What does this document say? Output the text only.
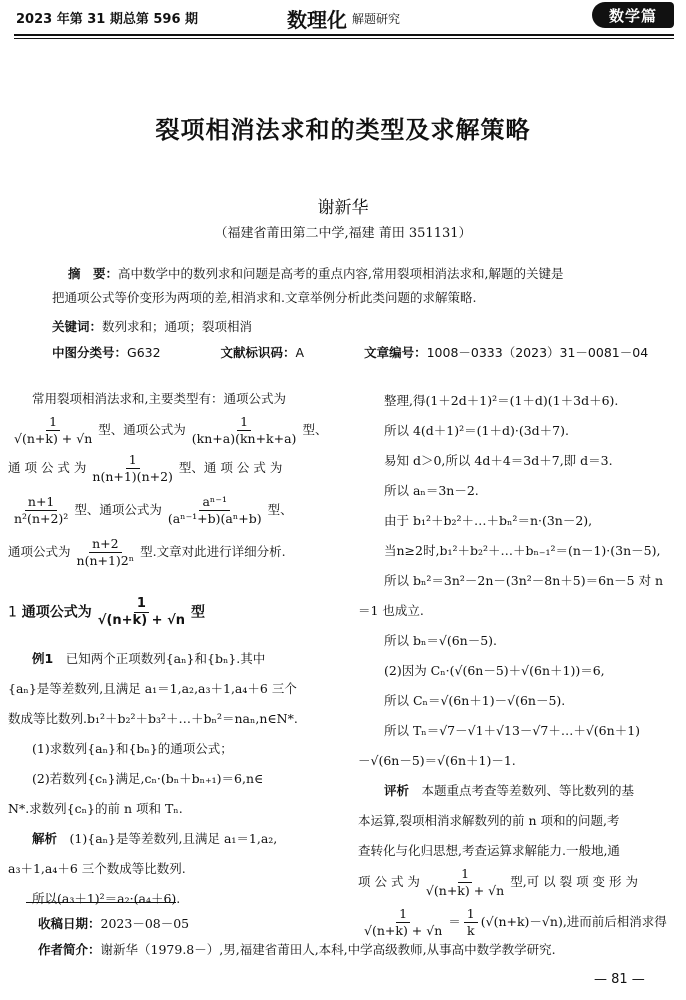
2023 年第 31 期总第 596 期	数理化 解题研究	数学篇
裂项相消法求和的类型及求解策略
谢新华
（福建省莆田第二中学,福建 莆田 351131）
摘　要：高中数学中的数列求和问题是高考的重点内容,常用裂项相消法求和,解题的关键是
把通项公式等价变形为两项的差,相消求和.文章举例分析此类问题的求解策略.
关键词：数列求和；通项；裂项相消
中图分类号：G632	文献标识码：A	文章编号：1008－0333（2023）31－0081－04
常用裂项相消法求和,主要类型有：通项公式为
$\frac{1}{√(n+k) + √n}$ 型、通项公式为 $\frac{1}{(kn+a)(kn+k+a)}$ 型、
通 项 公 式 为 $\frac{1}{n(n+1)(n+2)}$ 型、通 项 公 式 为
$\frac{n+1}{\text{n²(n+2)²}}$ 型、通项公式为 $\frac{\text{aⁿ⁻¹}}{\text{(aⁿ⁻¹+b)(aⁿ+b)}}$ 型、
通项公式为 $\frac{n+2}{\text{n(n+1)2ⁿ}}$ 型.文章对此进行详细分析.
1 通项公式为 $\frac{1}{√(n+k) + √n}$ 型
例1　 已知两个正项数列{aₙ}和{bₙ}.其中
{aₙ}是等差数列,且满足 a₁＝1,a₂,a₃＋1,a₄＋6 三个
数成等比数列.b₁²＋b₂²＋b₃²＋…＋bₙ²＝naₙ,n∈N*.
(1)求数列{aₙ}和{bₙ}的通项公式；
(2)若数列{cₙ}满足,cₙ·(bₙ＋bₙ₊₁)＝6,n∈
N*.求数列{cₙ}的前 n 项和 Tₙ.
解析　 (1){aₙ}是等差数列,且满足 a₁＝1,a₂,
a₃＋1,a₄＋6 三个数成等比数列.
所以(a₃＋1)²＝a₂·(a₄＋6).
整理,得(1＋2d＋1)²＝(1＋d)(1＋3d＋6).
所以 4(d＋1)²＝(1＋d)·(3d＋7).
易知 d＞0,所以 4d＋4＝3d＋7,即 d＝3.
所以 aₙ＝3n－2.
由于 b₁²＋b₂²＋…＋bₙ²＝n·(3n－2),
当n≥2时,b₁²＋b₂²＋…＋bₙ₋₁²＝(n－1)·(3n－5),
所以 bₙ²＝3n²－2n－(3n²－8n＋5)＝6n－5 对 n
＝1 也成立.
所以 bₙ＝√(6n－5).
(2)因为 Cₙ·(√(6n－5)＋√(6n＋1))＝6,
所以 Cₙ＝√(6n＋1)－√(6n－5).
所以 Tₙ＝√7－√1＋√13－√7＋…＋√(6n＋1)
－√(6n－5)＝√(6n＋1)－1.
评析　 本题重点考查等差数列、等比数列的基
本运算,裂项相消求解数列的前 n 项和的问题,考
查转化与化归思想,考查运算求解能力.一般地,通
项 公 式 为 $\frac{1}{√(n+k) + √n}$ 型,可 以 裂 项 变 形 为
$\frac{1}{√(n+k) + √n} = \frac{1}{k} (√(n+k)-√n)$,进而前后相消求得
收稿日期：2023－08－05
作者简介：谢新华（1979.8－）,男,福建省莆田人,本科,中学高级教师,从事高中数学教学研究.
— 81 —
